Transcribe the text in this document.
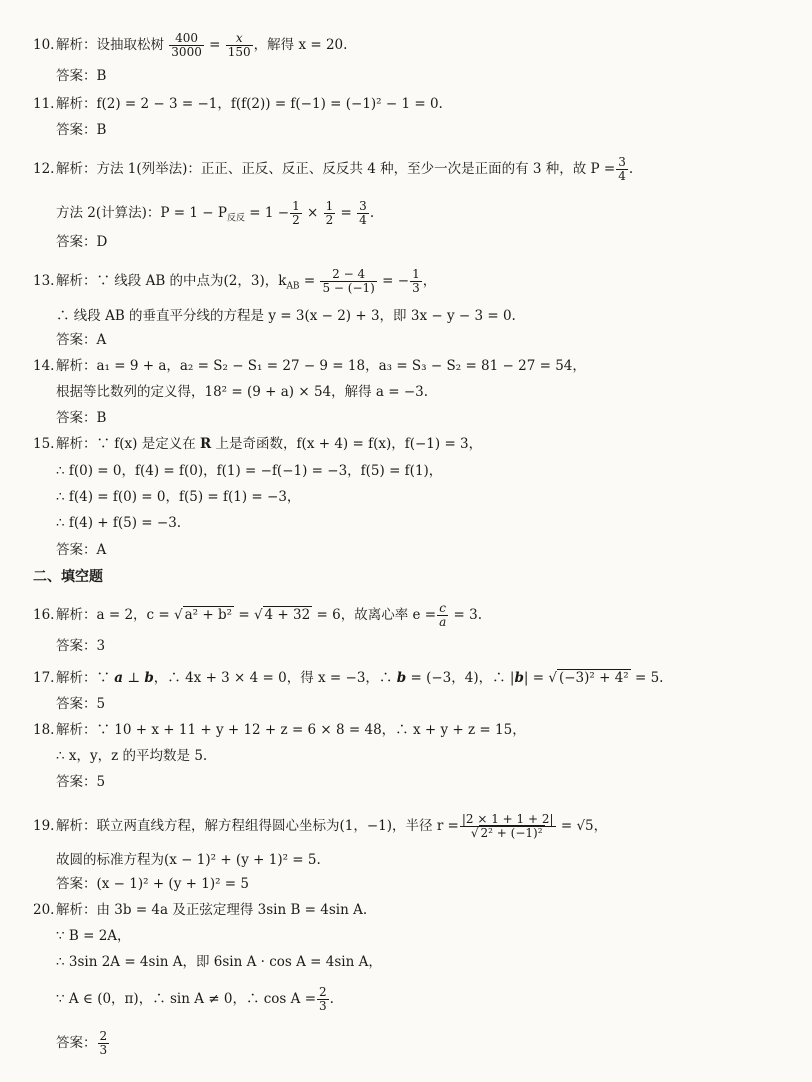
10. 解析：设抽取松树 $\frac{400}{3000} = \frac{x}{150}$ ，解得 x = 20.
答案：B
11. 解析：f(2) = 2 − 3 = −1，f(f(2)) = f(−1) = (−1)² − 1 = 0.
答案：B
12. 解析：方法 1(列举法)：正正、正反、反正、反反共 4 种，至少一次是正面的有 3 种，故 $P = \frac{3}{4}$ .
方法 2(计算法)：$P = 1 - P_{反反} = 1 - \frac{1}{2} \times \frac{1}{2} = \frac{3}{4}$ .
答案：D
13. 解析：∵ 线段 AB 的中点为(2，3)，$k_{AB} = \frac{2 - 4}{5 - (-1)}$ = − $\frac{1}{3}$ ，
∴ 线段 AB 的垂直平分线的方程是 y = 3(x − 2) + 3，即 3x − y − 3 = 0.
答案：A
14. 解析：a₁ = 9 + a，a₂ = S₂ − S₁ = 27 − 9 = 18，a₃ = S₃ − S₂ = 81 − 27 = 54，
根据等比数列的定义得，18² = (9 + a) × 54，解得 a = −3.
答案：B
15. 解析：∵ f(x) 是定义在 R 上是奇函数，f(x + 4) = f(x)，f(−1) = 3，
∴ f(0) = 0，f(4) = f(0)，f(1) = −f(−1) = −3，f(5) = f(1)，
∴ f(4) = f(0) = 0，f(5) = f(1) = −3，
∴ f(4) + f(5) = −3.
答案：A
二、填空题
16. 解析：a = 2，c = √ a² + b² = √ 4 + 32 = 6，故离心率 $e = \frac{c}{a} = 3$.
答案：3
17. 解析：∵ a ⊥ b，∴ 4x + 3 × 4 = 0，得 x = −3，∴ b = (−3，4)，∴ |b| = √ (−3)² + 4² = 5.
答案：5
18. 解析：∵ 10 + x + 11 + y + 12 + z = 6 × 8 = 48，∴ x + y + z = 15，
∴ x，y，z 的平均数是 5.
答案：5
19. 解析：联立两直线方程，解方程组得圆心坐标为(1，−1)，半径 $r = \frac{|2 \times 1 + 1 + 2|}{\text{√ 2² + (−1)²}} = √5$，
故圆的标准方程为(x − 1)² + (y + 1)² = 5.
答案：(x − 1)² + (y + 1)² = 5
20. 解析：由 3b = 4a 及正弦定理得 3sin B = 4sin A.
∵ B = 2A，
∴ 3sin 2A = 4sin A，即 6sin A · cos A = 4sin A，
∵ A ∈ (0，π)，∴ sin A ≠ 0，∴ $\cos A = \frac{2}{3}$ .
答案： $\frac{2}{3}$
